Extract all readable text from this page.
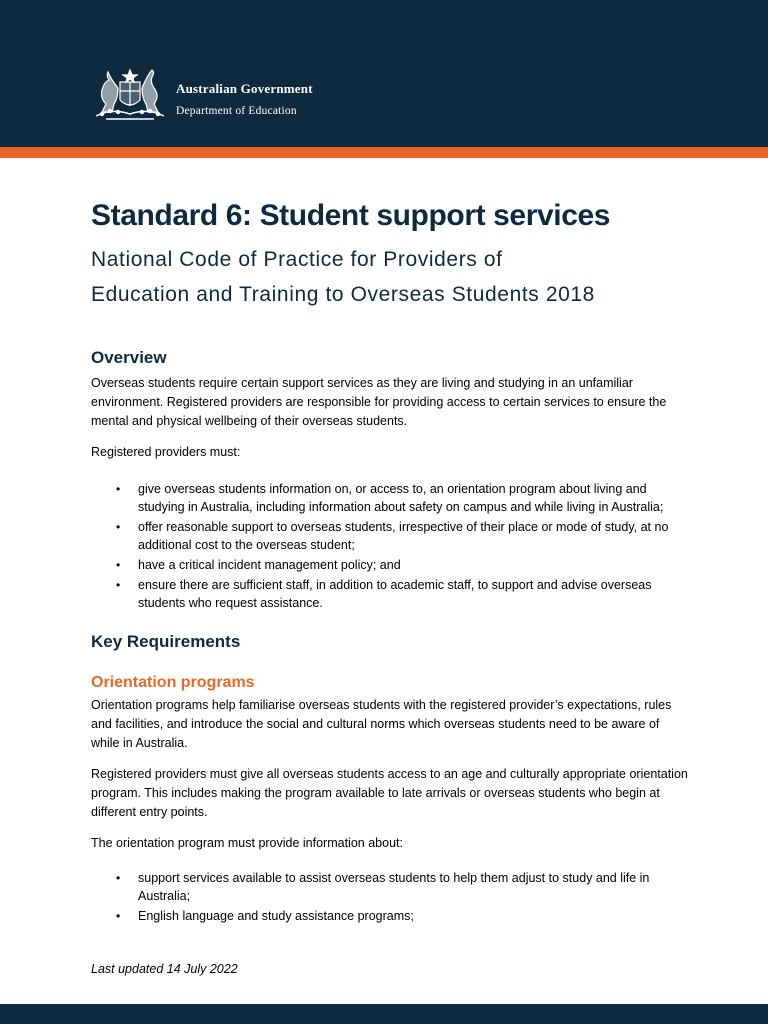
Australian Government
Department of Education
Standard 6: Student support services
National Code of Practice for Providers of
Education and Training to Overseas Students 2018
Overview

Overseas students require certain support services as they are living and studying in an unfamiliar environment. Registered providers are responsible for providing access to certain services to ensure the mental and physical wellbeing of their overseas students.

Registered providers must:

• give overseas students information on, or access to, an orientation program about living and studying in Australia, including information about safety on campus and while living in Australia;
• offer reasonable support to overseas students, irrespective of their place or mode of study, at no additional cost to the overseas student;
• have a critical incident management policy; and
• ensure there are sufficient staff, in addition to academic staff, to support and advise overseas students who request assistance.
Key Requirements
Orientation programs

Orientation programs help familiarise overseas students with the registered provider’s expectations, rules and facilities, and introduce the social and cultural norms which overseas students need to be aware of while in Australia.

Registered providers must give all overseas students access to an age and culturally appropriate orientation program. This includes making the program available to late arrivals or overseas students who begin at different entry points.

The orientation program must provide information about:

• support services available to assist overseas students to help them adjust to study and life in Australia;
• English language and study assistance programs;
Last updated 14 July 2022
